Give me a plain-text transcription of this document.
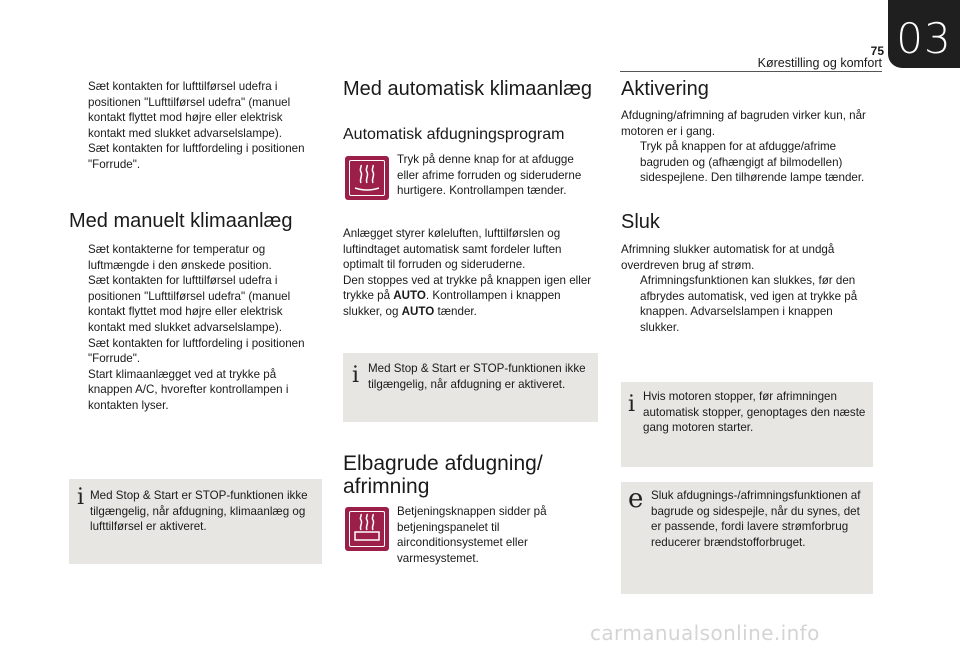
75 03
Kørestilling og komfort
Sæt kontakten for lufttilførsel udefra i positionen "Lufttilførsel udefra" (manuel kontakt flyttet mod højre eller elektrisk kontakt med slukket advarselslampe).
Sæt kontakten for luftfordeling i positionen "Forrude".
Med manuelt klimaanlæg
Sæt kontakterne for temperatur og luftmængde i den ønskede position.
Sæt kontakten for lufttilførsel udefra i positionen "Lufttilførsel udefra" (manuel kontakt flyttet mod højre eller elektrisk kontakt med slukket advarselslampe).
Sæt kontakten for luftfordeling i positionen "Forrude".
Start klimaanlægget ved at trykke på knappen A/C, hvorefter kontrollampen i kontakten lyser.
i Med Stop & Start er STOP-funktionen ikke tilgængelig, når afdugning, klimaanlæg og lufttilførsel er aktiveret.
Med automatisk klimaanlæg
Automatisk afdugningsprogram
Tryk på denne knap for at afdugge eller afrime forruden og sideruderne hurtigere. Kontrollampen tænder.
Anlægget styrer køleluften, lufttilførslen og luftindtaget automatisk samt fordeler luften optimalt til forruden og sideruderne.
Den stoppes ved at trykke på knappen igen eller trykke på AUTO. Kontrollampen i knappen slukker, og AUTO tænder.
i Med Stop & Start er STOP-funktionen ikke tilgængelig, når afdugning er aktiveret.
Elbagrude afdugning/ afrimning
Betjeningsknappen sidder på betjeningspanelet til airconditionsystemet eller varmesystemet.
Aktivering
Afdugning/afrimning af bagruden virker kun, når motoren er i gang.
Tryk på knappen for at afdugge/afrime bagruden og (afhængigt af bilmodellen) sidespejlene. Den tilhørende lampe tænder.
Sluk
Afrimning slukker automatisk for at undgå overdreven brug af strøm.
Afrimningsfunktionen kan slukkes, før den afbrydes automatisk, ved igen at trykke på knappen. Advarselslampen i knappen slukker.
i Hvis motoren stopper, før afrimningen automatisk stopper, genoptages den næste gang motoren starter.
e Sluk afdugnings-/afrimningsfunktionen af bagrude og sidespejle, når du synes, det er passende, fordi lavere strømforbrug reducerer brændstofforbruget.
carmanualsonline.info
